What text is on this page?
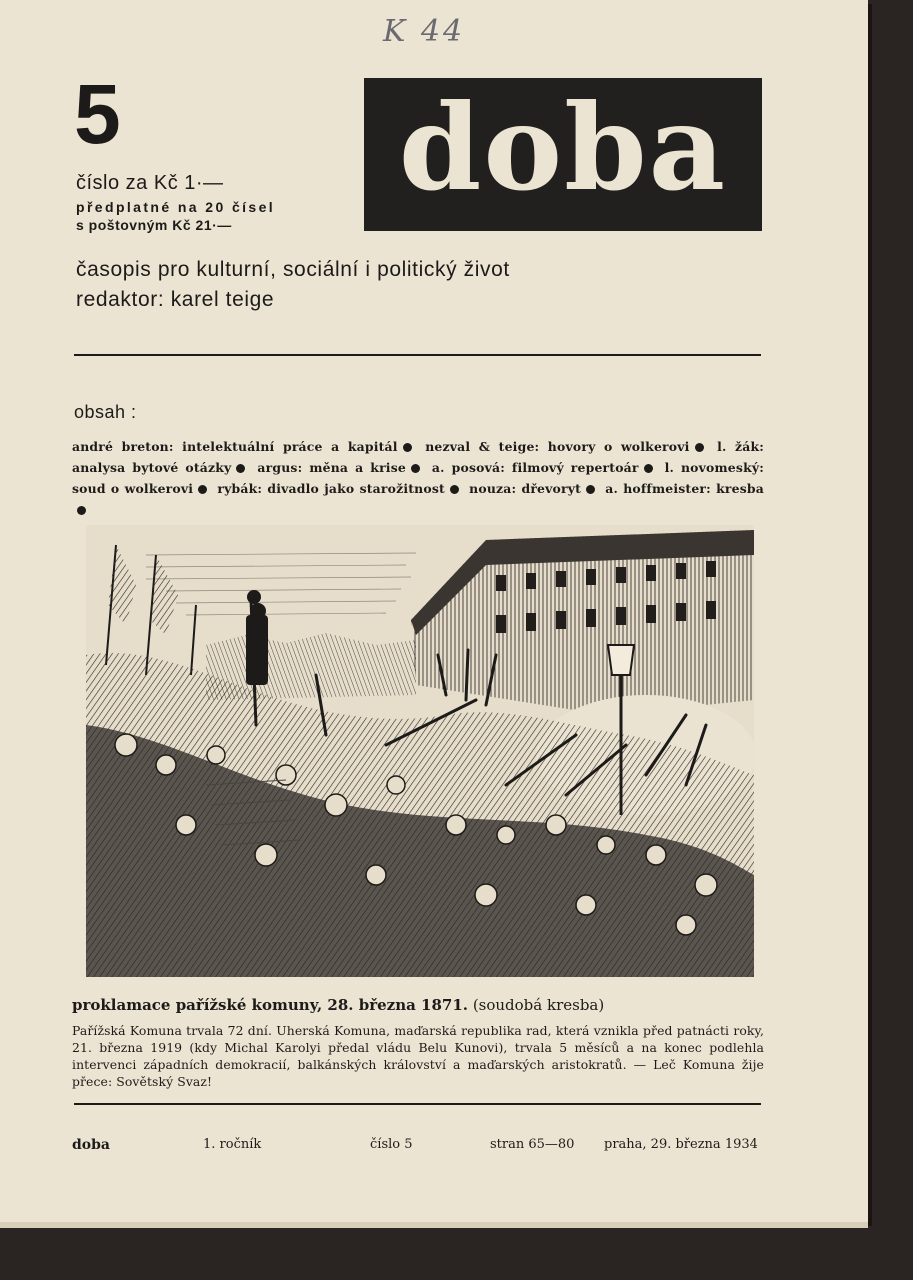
K 44
5
číslo za Kč 1·—
předplatné na 20 čísel
s poštovným Kč 21·—
doba
časopis pro kulturní, sociální i politický život
redaktor: karel teige
obsah :
andré breton: intelektuální práce a kapitál nezval & teige: hovory o wolkerovi l. žák: analysa bytové otázky argus: měna a krise a. posová: filmový repertoár l. novomeský: soud o wolkerovi rybák: divadlo jako starožitnost nouza: dřevoryt a. hoffmeister: kresba
proklamace pařížské komuny, 28. března 1871. (soudobá kresba)
Pařížská Komuna trvala 72 dní. Uherská Komuna, maďarská republika rad, která vznikla před patnácti roky, 21. března 1919 (kdy Michal Karolyi předal vládu Belu Kunovi), trvala 5 měsíců a na konec podlehla intervenci západních demokracií, balkánských království a maďarských aristokratů. — Leč Komuna žije přece: Sovětský Svaz!
doba	1. ročník	číslo 5	stran 65—80 praha, 29. března 1934
